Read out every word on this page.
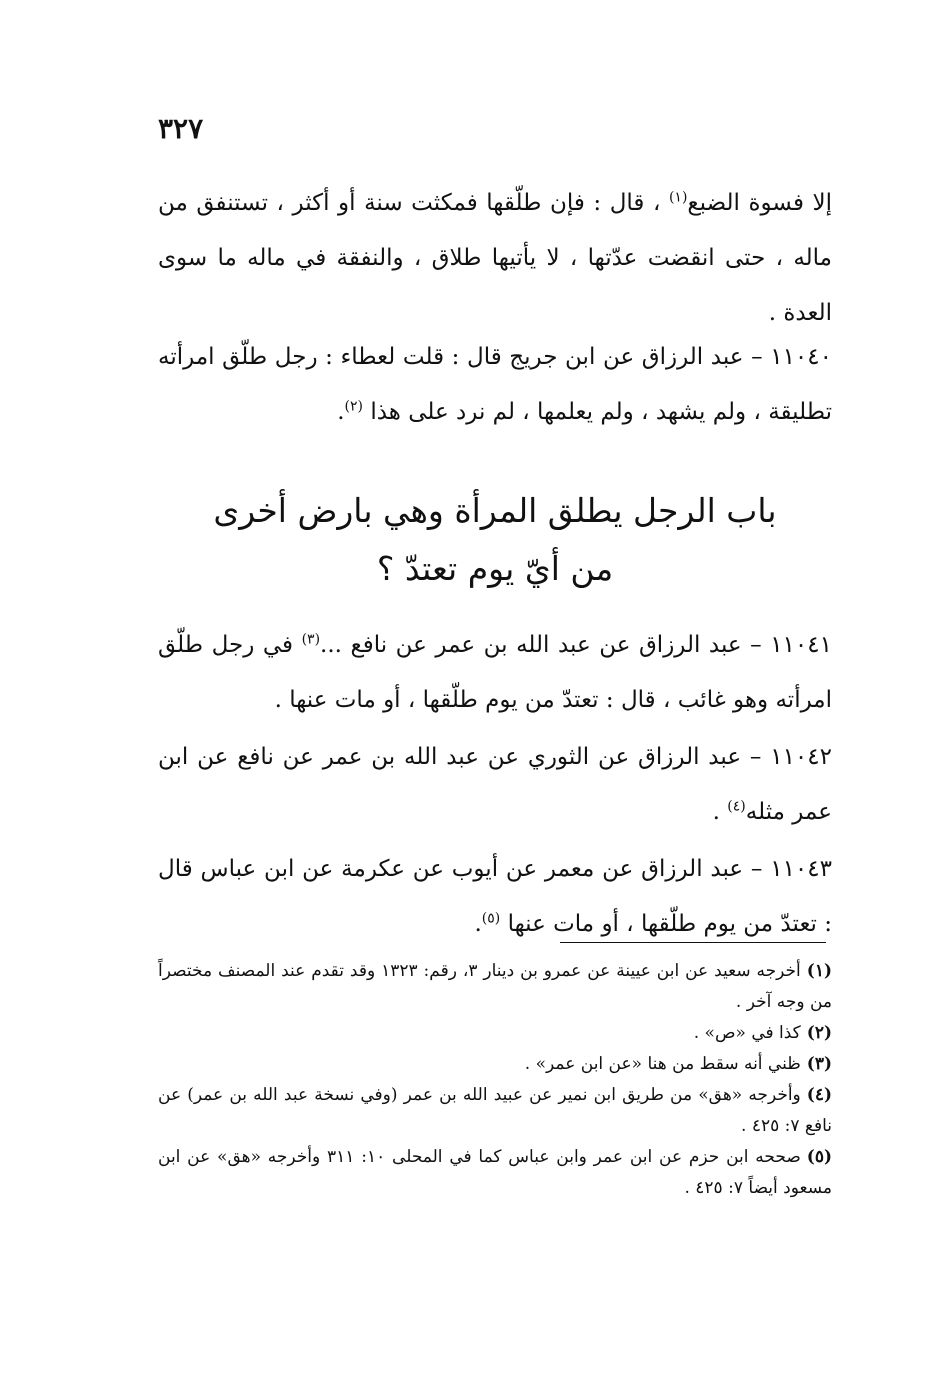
٣٢٧

إلا فسوة الضبع$^{(١)}$ ، قال : فإن طلّقها فمكثت سنة أو أكثر ، تستنفق من ماله ، حتى انقضت عدّتها ، لا يأتيها طلاق ، والنفقة في ماله ما سوى العدة .

١١٠٤٠ – عبد الرزاق عن ابن جريج قال : قلت لعطاء : رجل طلّق امرأته تطليقة ، ولم يشهد ، ولم يعلمها ، لم نرد على هذا $^{(٢)}$.

باب الرجل يطلق المرأة وهي بارض أخرى
من أيّ يوم تعتدّ ؟

١١٠٤١ – عبد الرزاق عن عبد الله بن عمر عن نافع ...$^{(٣)}$ في رجل طلّق امرأته وهو غائب ، قال : تعتدّ من يوم طلّقها ، أو مات عنها .

١١٠٤٢ – عبد الرزاق عن الثوري عن عبد الله بن عمر عن نافع عن ابن عمر مثله$^{(٤)}$ .

١١٠٤٣ – عبد الرزاق عن معمر عن أيوب عن عكرمة عن ابن عباس قال : تعتدّ من يوم طلّقها ، أو مات عنها $^{(٥)}$.

(١)أخرجه سعيد عن ابن عيينة عن عمرو بن دينار ٣، رقم: ١٣٢٣ وقد تقدم عند المصنف مختصراً من وجه آخر .

(٢)كذا في «ص» .

(٣)ظني أنه سقط من هنا «عن ابن عمر» .

(٤)وأخرجه «هق» من طريق ابن نمير عن عبيد الله بن عمر (وفي نسخة عبد الله بن عمر) عن نافع ٧: ٤٢٥ .

(٥)صححه ابن حزم عن ابن عمر وابن عباس كما في المحلى ١٠: ٣١١ وأخرجه «هق» عن ابن مسعود أيضاً ٧: ٤٢٥ .
